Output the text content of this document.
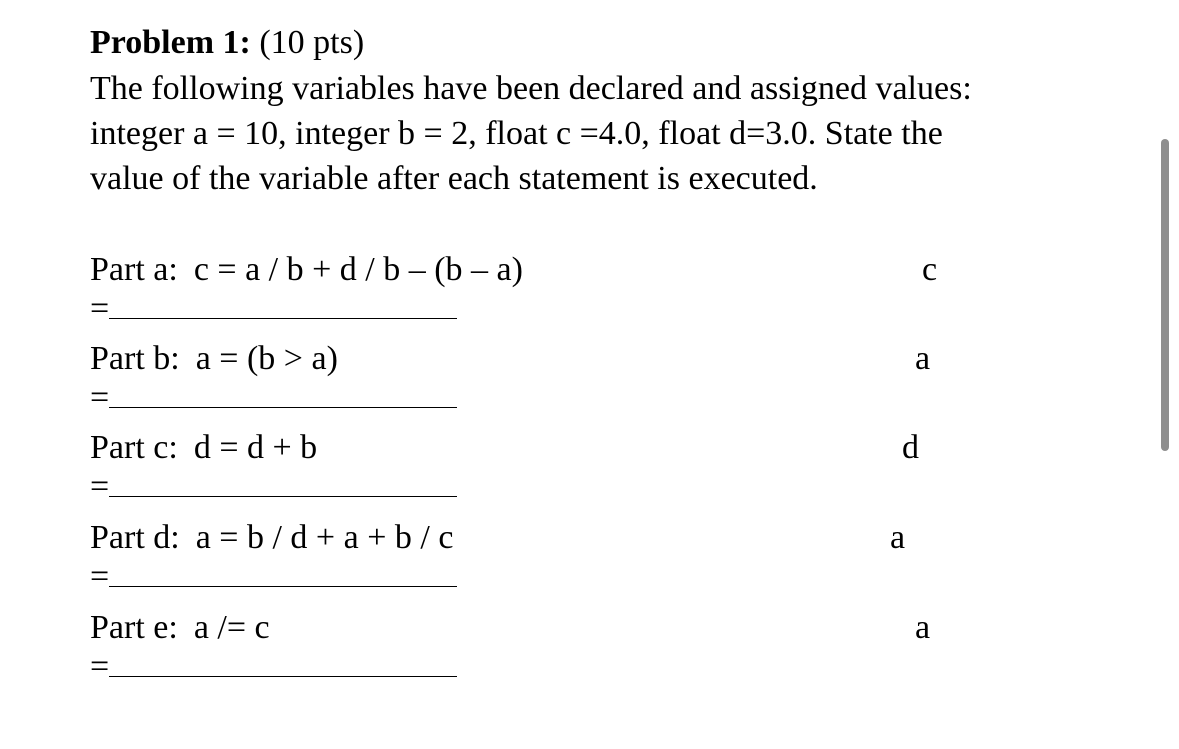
Problem 1: (10 pts)
The following variables have been declared and assigned values:
integer a = 10, integer b = 2, float c =4.0, float d=3.0. State the
value of the variable after each statement is executed.
Part a: c = a / b + d / b – (b – a)	c
=
Part b: a = (b > a)	a
=
Part c: d = d + b	d
=
Part d: a = b / d + a + b / c	a
=
Part e: a /= c	a
=
